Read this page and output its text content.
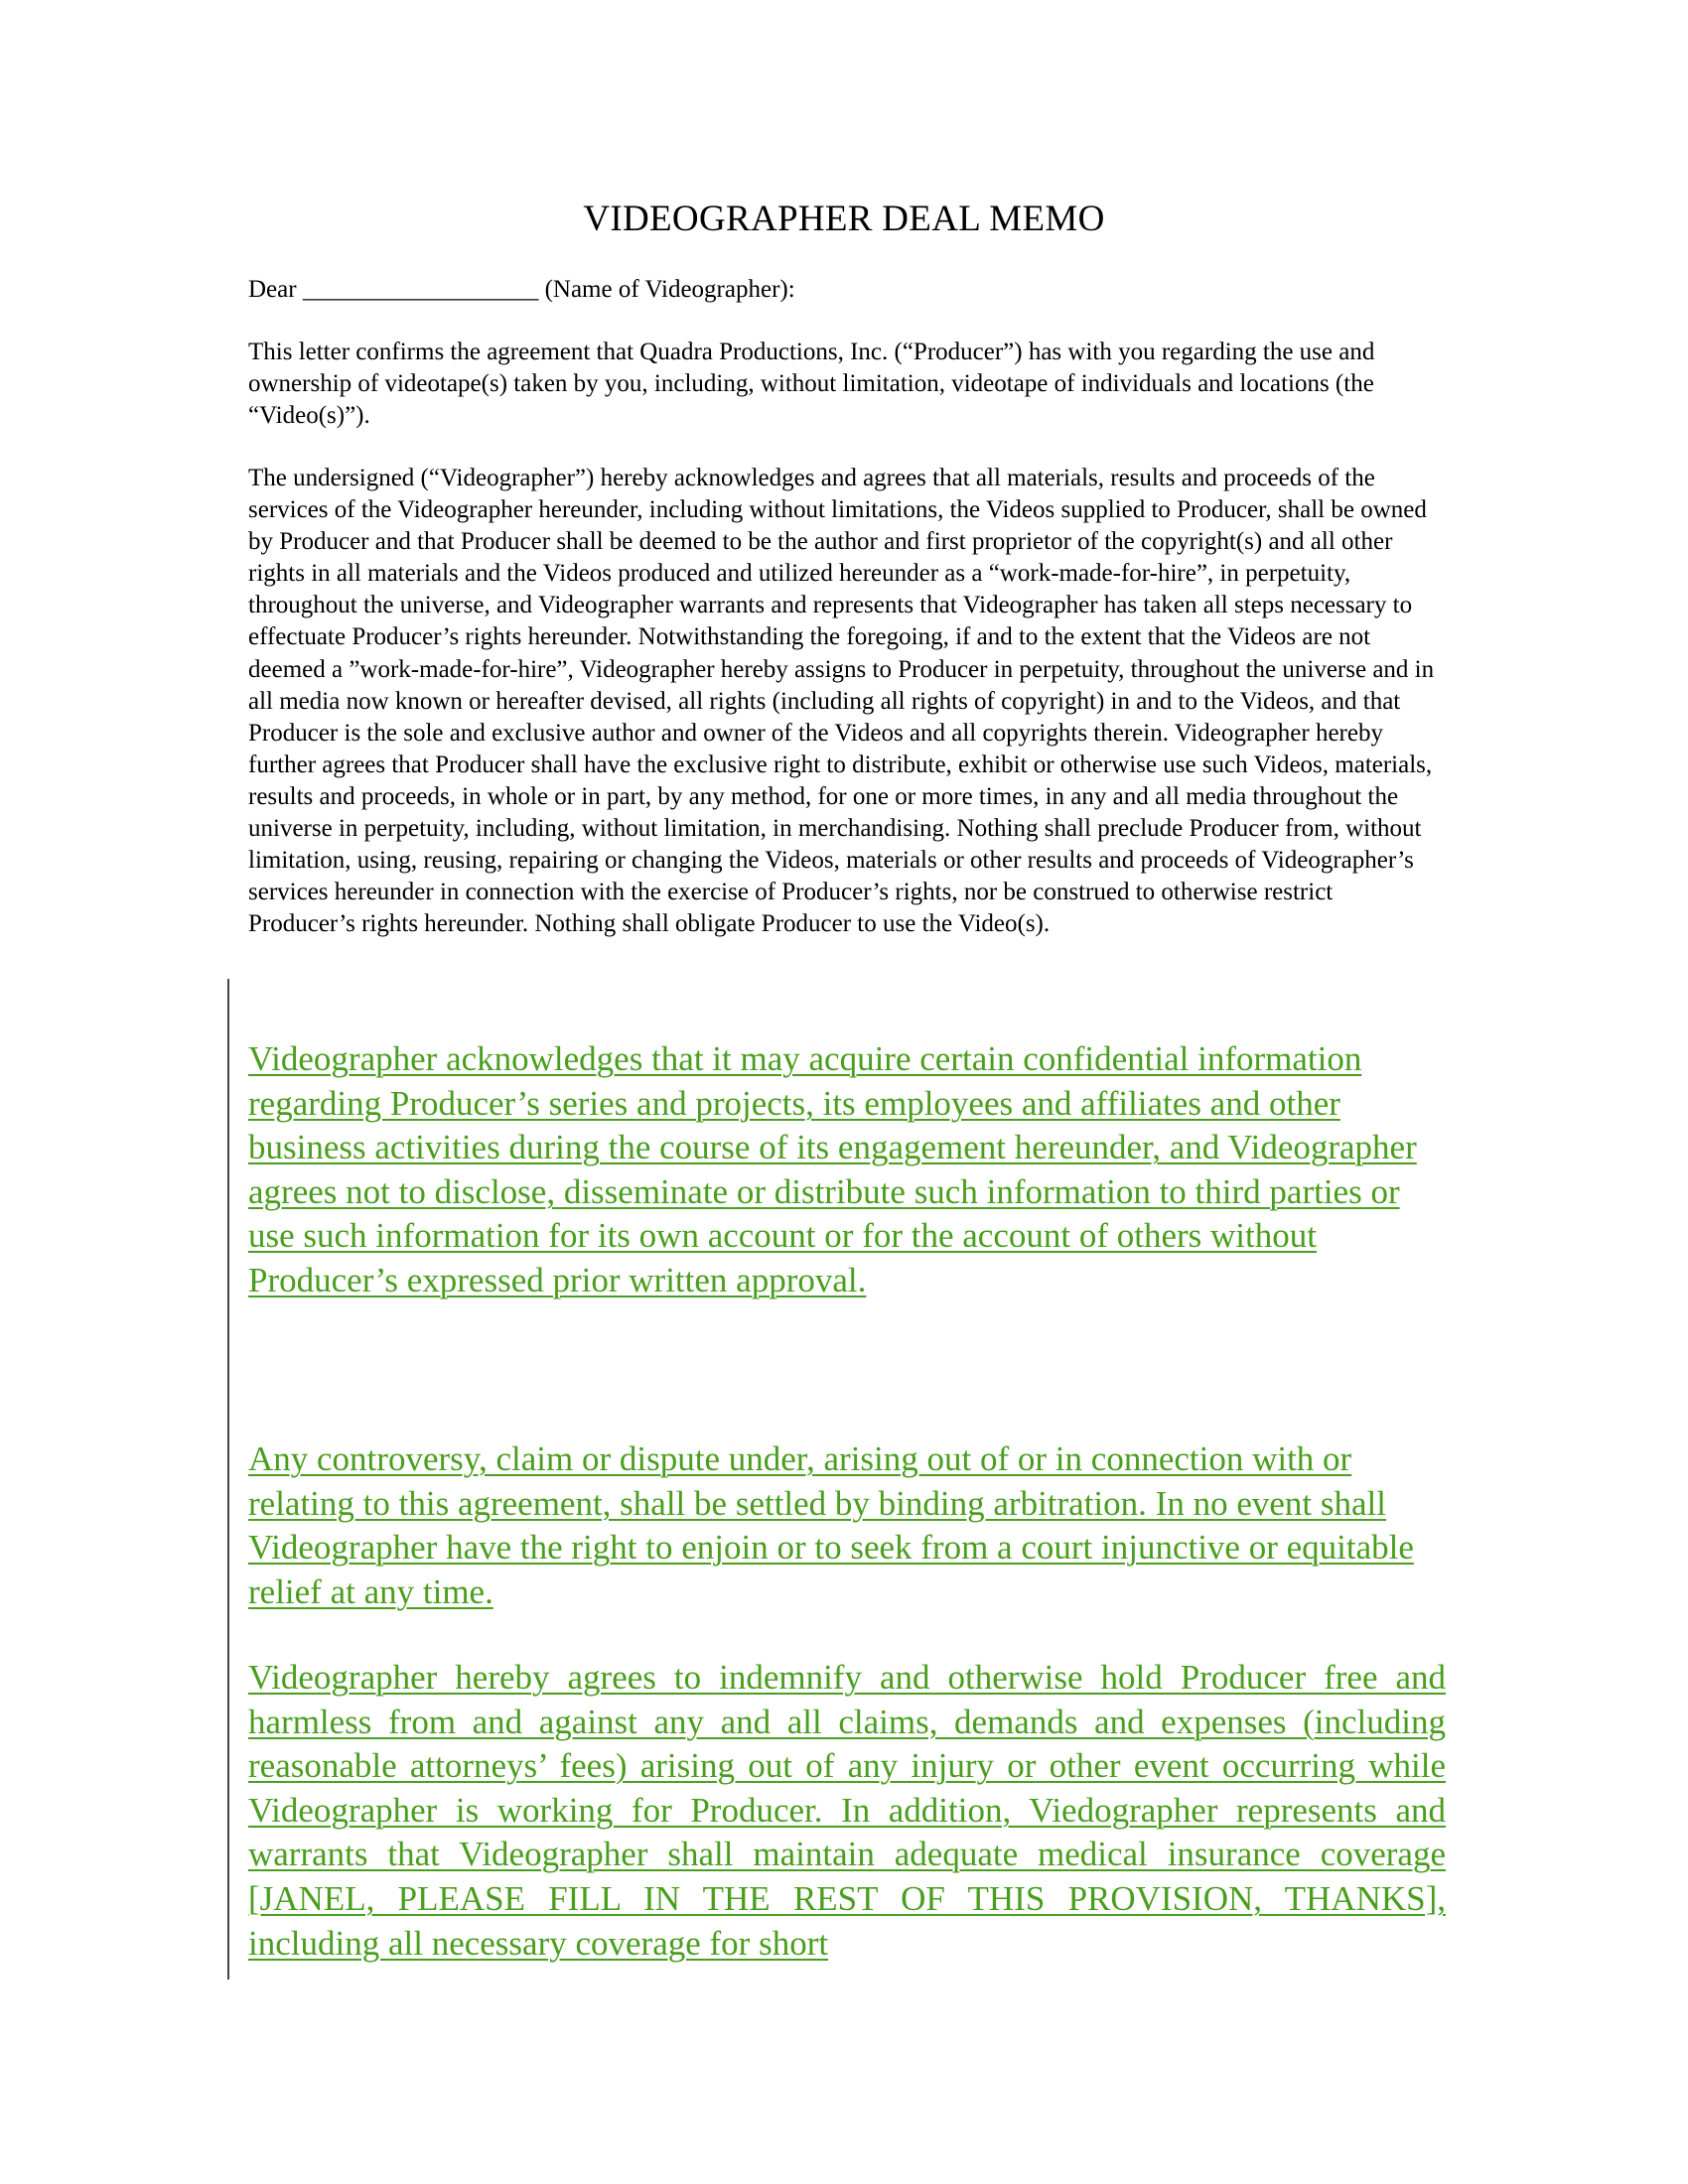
VIDEOGRAPHER DEAL MEMO

Dear ___________________ (Name of Videographer):

This letter confirms the agreement that Quadra Productions, Inc. (“Producer”) has with you regarding the use and ownership of videotape(s) taken by you, including, without limitation, videotape of individuals and locations (the “Video(s)”).

The undersigned (“Videographer”) hereby acknowledges and agrees that all materials, results and proceeds of the services of the Videographer hereunder, including without limitations, the Videos supplied to Producer, shall be owned by Producer and that Producer shall be deemed to be the author and first proprietor of the copyright(s) and all other rights in all materials and the Videos produced and utilized hereunder as a “work-made-for-hire”, in perpetuity, throughout the universe, and Videographer warrants and represents that Videographer has taken all steps necessary to effectuate Producer’s rights hereunder. Notwithstanding the foregoing, if and to the extent that the Videos are not deemed a ”work-made-for-hire”, Videographer hereby assigns to Producer in perpetuity, throughout the universe and in all media now known or hereafter devised, all rights (including all rights of copyright) in and to the Videos, and that Producer is the sole and exclusive author and owner of the Videos and all copyrights therein. Videographer hereby further agrees that Producer shall have the exclusive right to distribute, exhibit or otherwise use such Videos, materials, results and proceeds, in whole or in part, by any method, for one or more times, in any and all media throughout the universe in perpetuity, including, without limitation, in merchandising. Nothing shall preclude Producer from, without limitation, using, reusing, repairing or changing the Videos, materials or other results and proceeds of Videographer’s services hereunder in connection with the exercise of Producer’s rights, nor be construed to otherwise restrict Producer’s rights hereunder. Nothing shall obligate Producer to use the Video(s).

Videographer acknowledges that it may acquire certain confidential information regarding Producer’s series and projects, its employees and affiliates and other business activities during the course of its engagement hereunder, and Videographer agrees not to disclose, disseminate or distribute such information to third parties or use such information for its own account or for the account of others without Producer’s expressed prior written approval.

Any controversy, claim or dispute under, arising out of or in connection with or relating to this agreement, shall be settled by binding arbitration. In no event shall Videographer have the right to enjoin or to seek from a court injunctive or equitable relief at any time.

Videographer hereby agrees to indemnify and otherwise hold Producer free and harmless from and against any and all claims, demands and expenses (including reasonable attorneys’ fees) arising out of any injury or other event occurring while Videographer is working for Producer. In addition, Viedographer represents and warrants that Videographer shall maintain adequate medical insurance coverage [JANEL, PLEASE FILL IN THE REST OF THIS PROVISION, THANKS], including all necessary coverage for short
